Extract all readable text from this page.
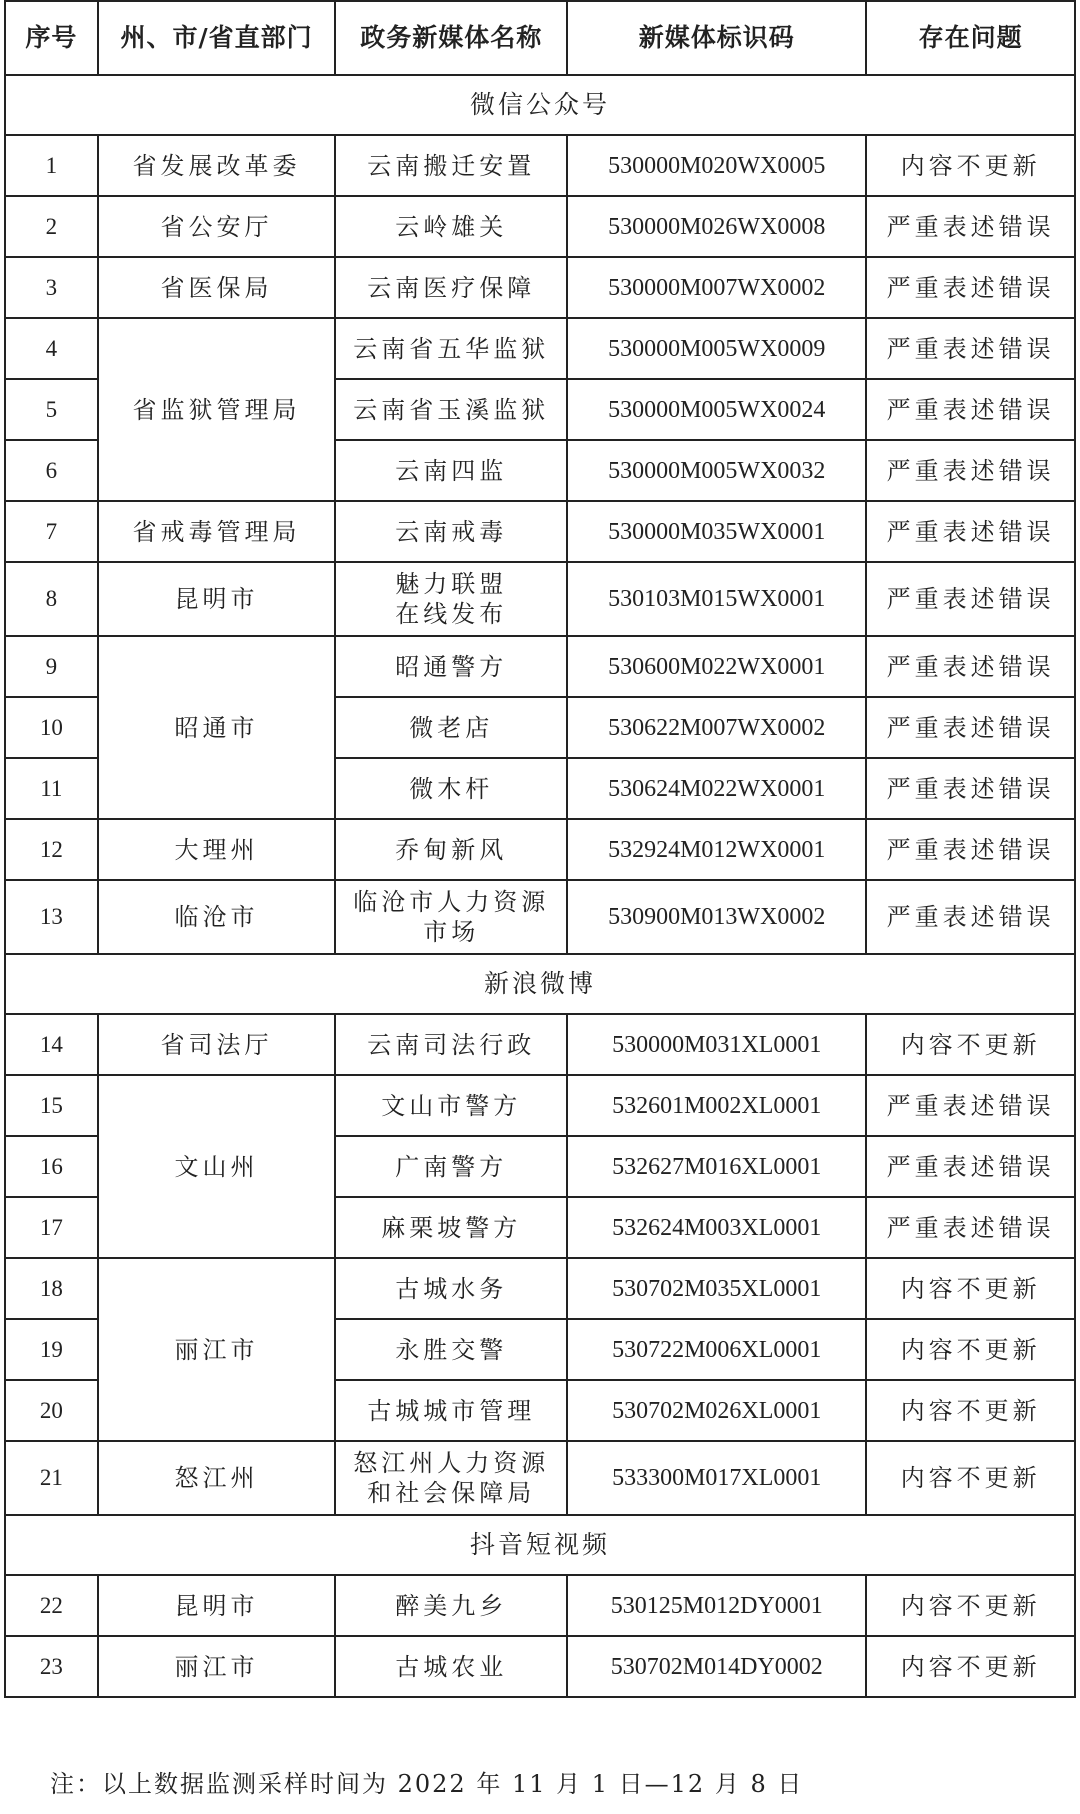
序号	州、市/省直部门	政务新媒体名称	新媒体标识码	存在问题
微信公众号				
1	省发展改革委	云南搬迁安置	530000M020WX0005	内容不更新
2	省公安厅	云岭雄关	530000M026WX0008	严重表述错误
3	省医保局	云南医疗保障	530000M007WX0002	严重表述错误
4	省监狱管理局	云南省五华监狱	530000M005WX0009	严重表述错误
5		云南省玉溪监狱	530000M005WX0024	严重表述错误
6		云南四监	530000M005WX0032	严重表述错误
7	省戒毒管理局	云南戒毒	530000M035WX0001	严重表述错误
8	昆明市	魅力联盟
在线发布	530103M015WX0001	严重表述错误
9	昭通市	昭通警方	530600M022WX0001	严重表述错误
10		微老店	530622M007WX0002	严重表述错误
11		微木杆	530624M022WX0001	严重表述错误
12	大理州	乔甸新风	532924M012WX0001	严重表述错误
13	临沧市	临沧市人力资源
市场	530900M013WX0002	严重表述错误
新浪微博				
14	省司法厅	云南司法行政	530000M031XL0001	内容不更新
15	文山州	文山市警方	532601M002XL0001	严重表述错误
16		广南警方	532627M016XL0001	严重表述错误
17		麻栗坡警方	532624M003XL0001	严重表述错误
18	丽江市	古城水务	530702M035XL0001	内容不更新
19		永胜交警	530722M006XL0001	内容不更新
20		古城城市管理	530702M026XL0001	内容不更新
21	怒江州	怒江州人力资源
和社会保障局	533300M017XL0001	内容不更新
抖音短视频				
22	昆明市	醉美九乡	530125M012DY0001	内容不更新
23	丽江市	古城农业	530702M014DY0002	内容不更新
注：以上数据监测采样时间为 2022 年 11 月 1 日—12 月 8 日
